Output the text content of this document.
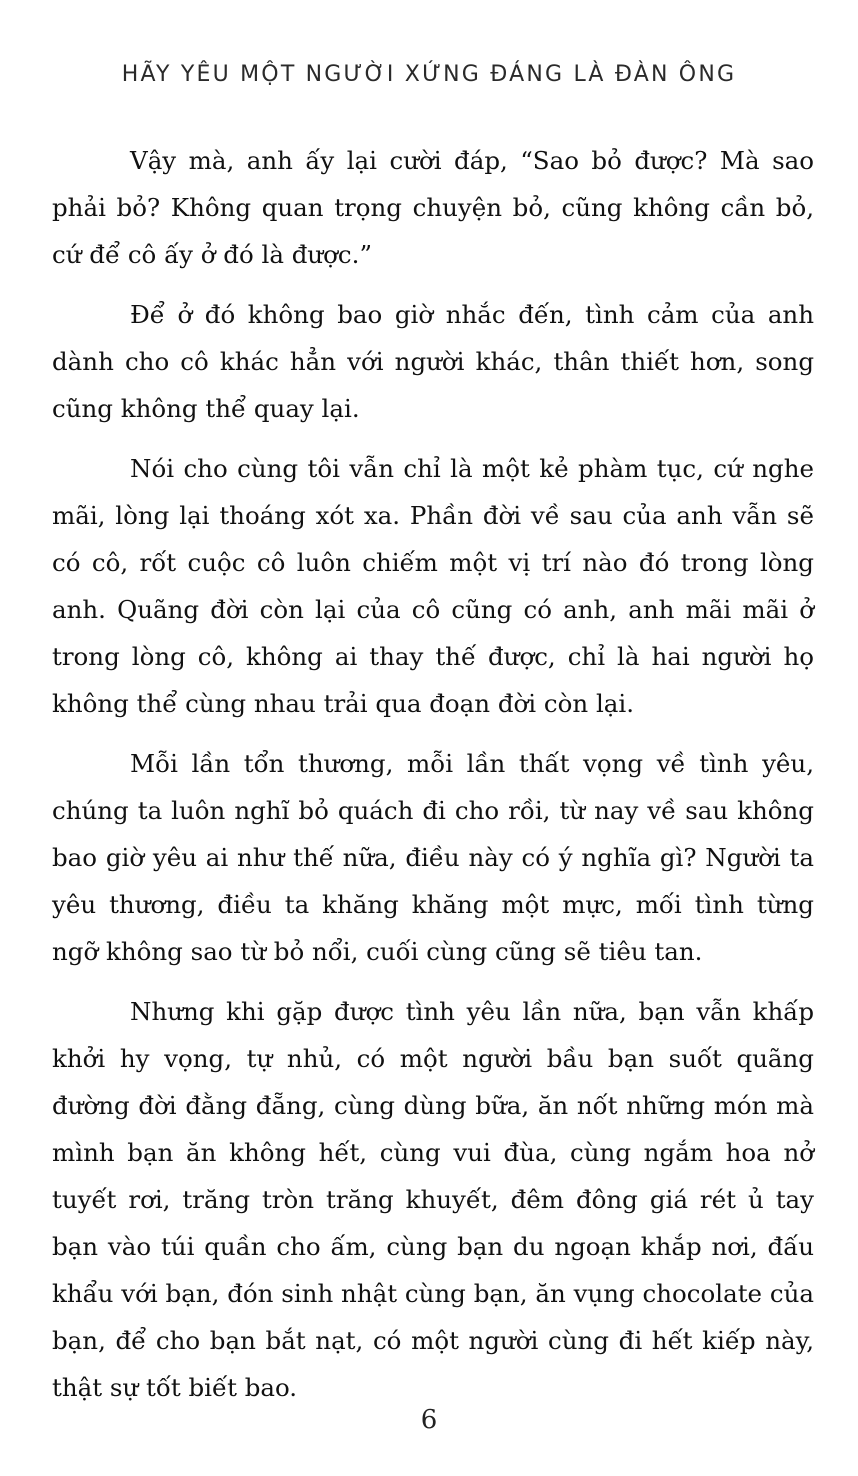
HÃY YÊU MỘT NGƯỜI XỨNG ĐÁNG LÀ ĐÀN ÔNG

Vậy mà, anh ấy lại cười đáp, “Sao bỏ được? Mà sao phải bỏ? Không quan trọng chuyện bỏ, cũng không cần bỏ, cứ để cô ấy ở đó là được.”

Để ở đó không bao giờ nhắc đến, tình cảm của anh dành cho cô khác hẳn với người khác, thân thiết hơn, song cũng không thể quay lại.

Nói cho cùng tôi vẫn chỉ là một kẻ phàm tục, cứ nghe mãi, lòng lại thoáng xót xa. Phần đời về sau của anh vẫn sẽ có cô, rốt cuộc cô luôn chiếm một vị trí nào đó trong lòng anh. Quãng đời còn lại của cô cũng có anh, anh mãi mãi ở trong lòng cô, không ai thay thế được, chỉ là hai người họ không thể cùng nhau trải qua đoạn đời còn lại.

Mỗi lần tổn thương, mỗi lần thất vọng về tình yêu, chúng ta luôn nghĩ bỏ quách đi cho rồi, từ nay về sau không bao giờ yêu ai như thế nữa, điều này có ý nghĩa gì? Người ta yêu thương, điều ta khăng khăng một mực, mối tình từng ngỡ không sao từ bỏ nổi, cuối cùng cũng sẽ tiêu tan.

Nhưng khi gặp được tình yêu lần nữa, bạn vẫn khấp khởi hy vọng, tự nhủ, có một người bầu bạn suốt quãng đường đời đằng đẵng, cùng dùng bữa, ăn nốt những món mà mình bạn ăn không hết, cùng vui đùa, cùng ngắm hoa nở tuyết rơi, trăng tròn trăng khuyết, đêm đông giá rét ủ tay bạn vào túi quần cho ấm, cùng bạn du ngoạn khắp nơi, đấu khẩu với bạn, đón sinh nhật cùng bạn, ăn vụng chocolate của bạn, để cho bạn bắt nạt, có một người cùng đi hết kiếp này, thật sự tốt biết bao.

6
